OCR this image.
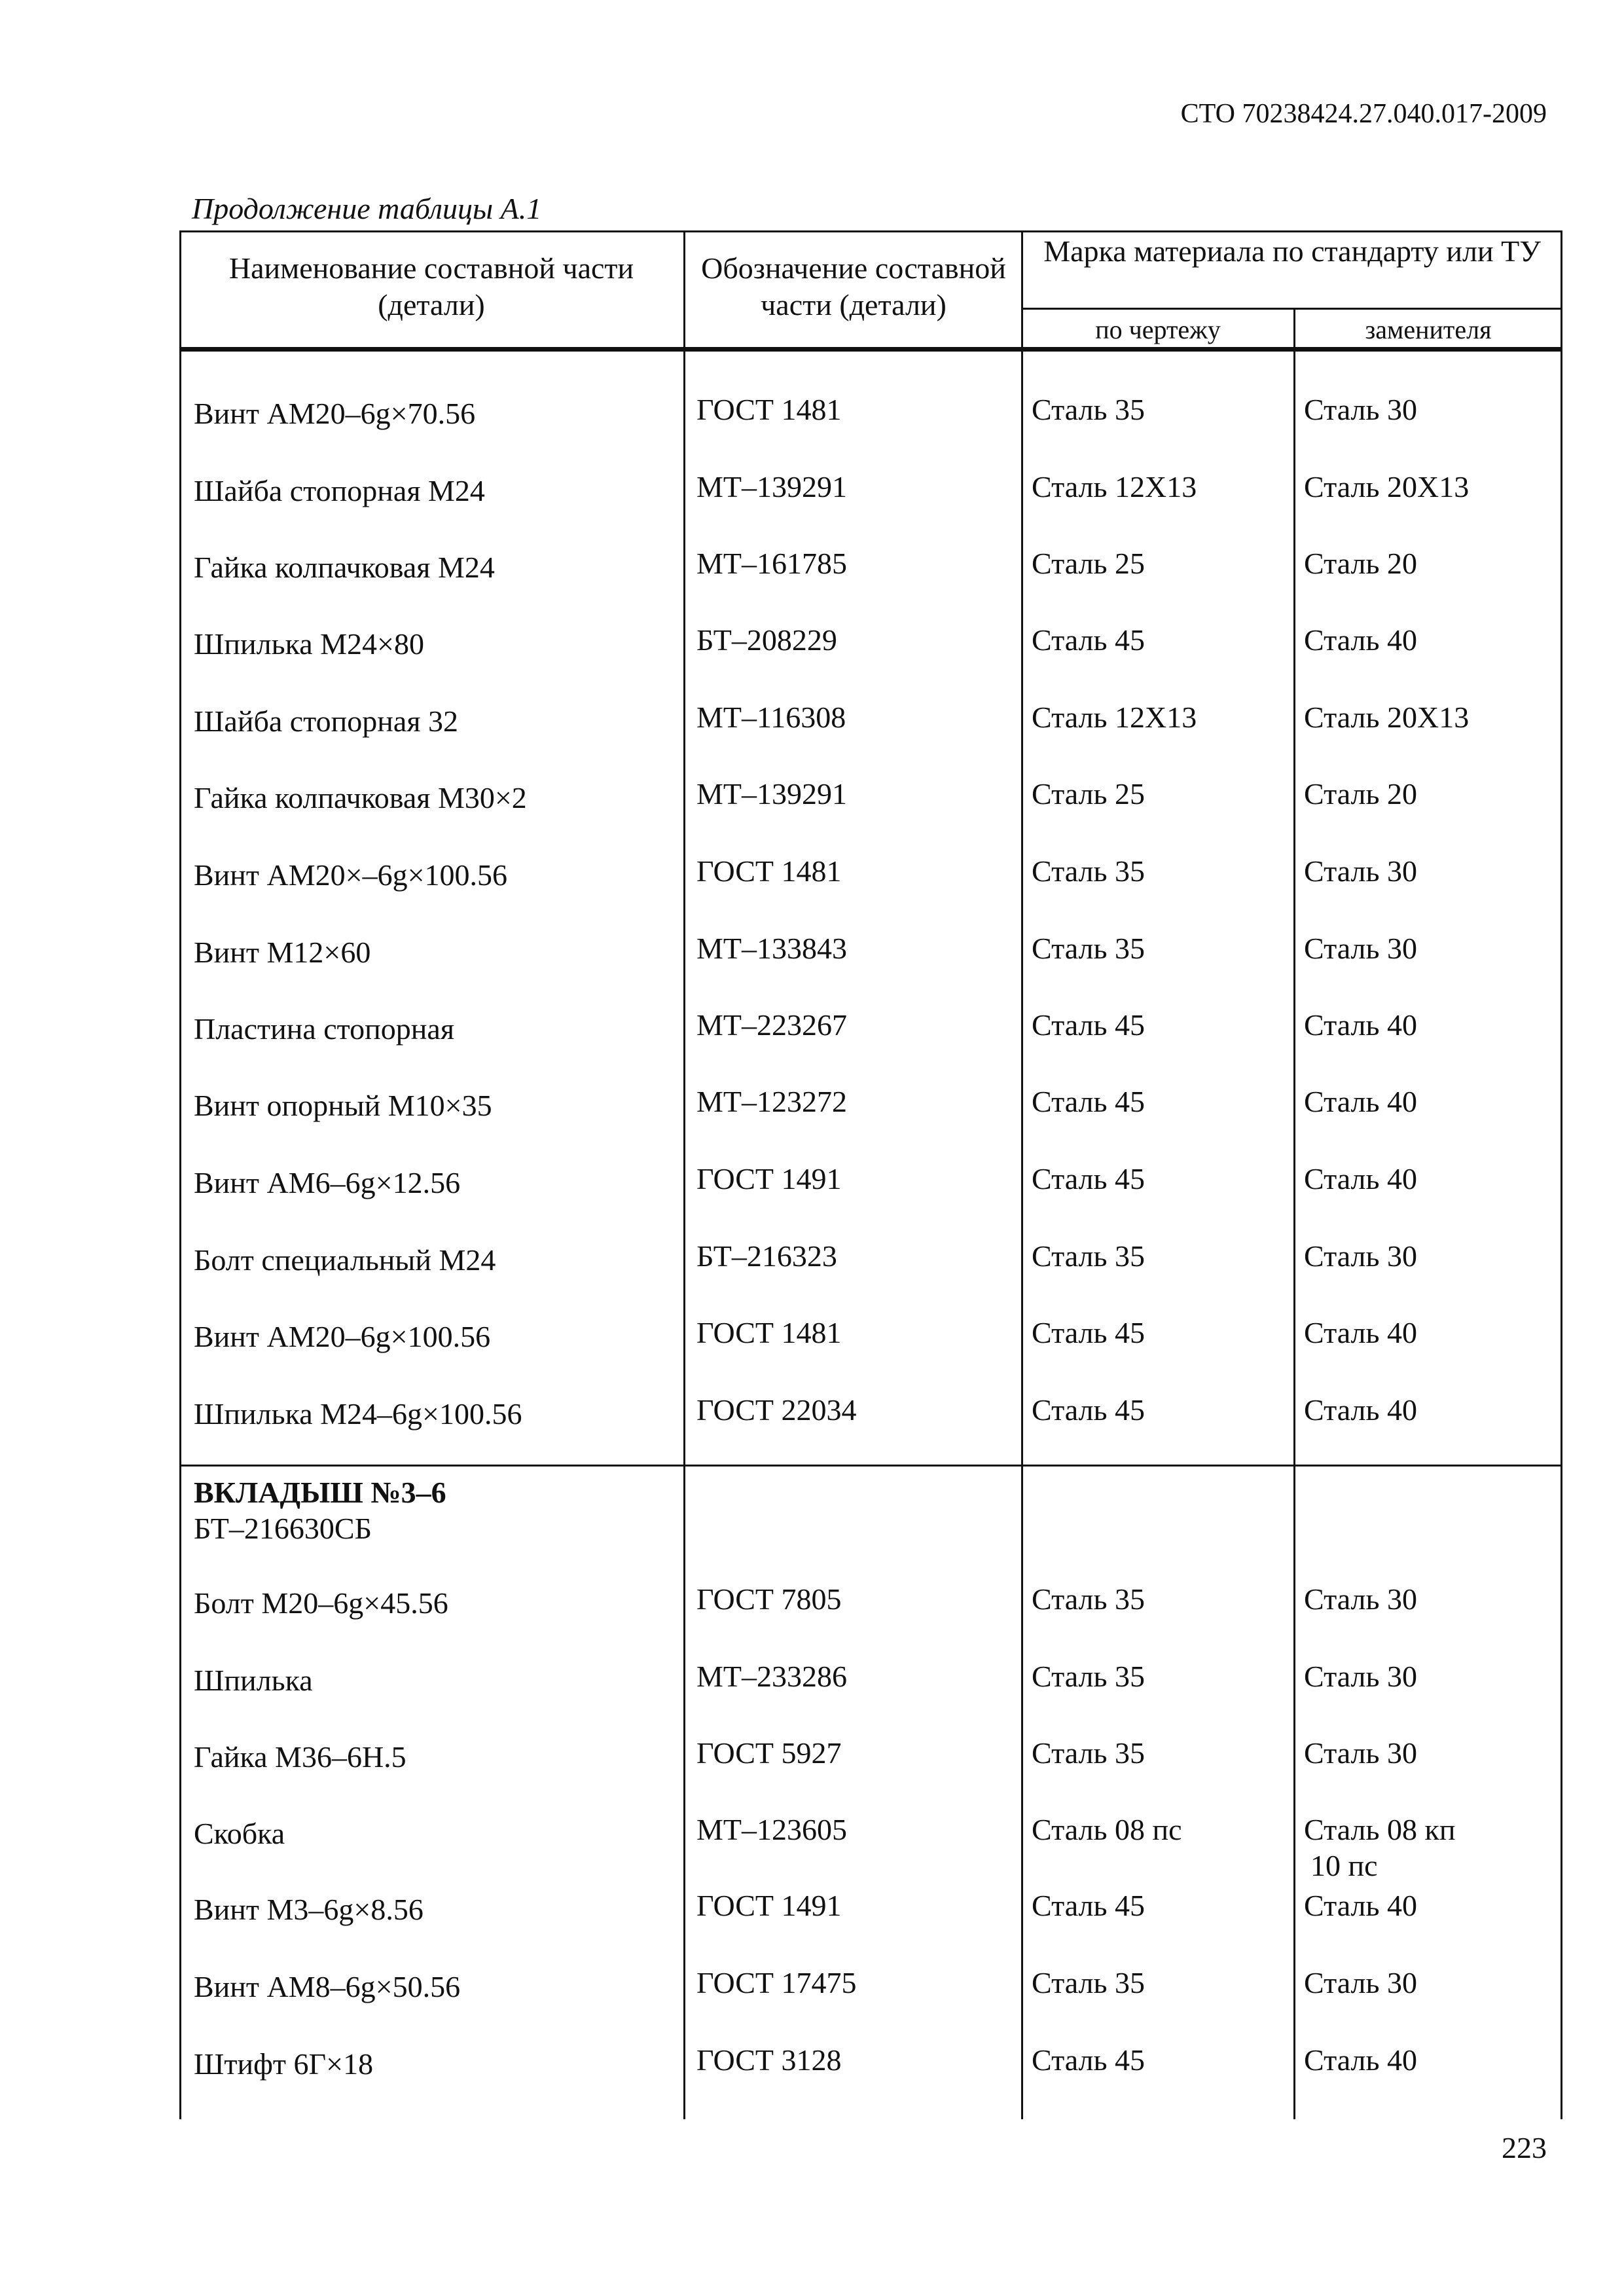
СТО 70238424.27.040.017-2009
Продолжение таблицы А.1
Наименование составной части (детали)
Обозначение составной части (детали)
Марка материала по стандарту или ТУ
по чертежу	заменителя
Винт АМ20–6g×70.56	ГОСТ 1481	Сталь 35	Сталь 30
Шайба стопорная М24	МТ–139291	Сталь 12Х13	Сталь 20Х13
Гайка колпачковая М24	МТ–161785	Сталь 25	Сталь 20
Шпилька М24×80	БТ–208229	Сталь 45	Сталь 40
Шайба стопорная 32	МТ–116308	Сталь 12Х13	Сталь 20Х13
Гайка колпачковая М30×2	МТ–139291	Сталь 25	Сталь 20
Винт АМ20×–6g×100.56	ГОСТ 1481	Сталь 35	Сталь 30
Винт М12×60	МТ–133843	Сталь 35	Сталь 30
Пластина стопорная	МТ–223267	Сталь 45	Сталь 40
Винт опорный М10×35	МТ–123272	Сталь 45	Сталь 40
Винт АМ6–6g×12.56	ГОСТ 1491	Сталь 45	Сталь 40
Болт специальный М24	БТ–216323	Сталь 35	Сталь 30
Винт АМ20–6g×100.56	ГОСТ 1481	Сталь 45	Сталь 40
Шпилька М24–6g×100.56	ГОСТ 22034	Сталь 45	Сталь 40
ВКЛАДЫШ №3–6
БТ–216630СБ
Болт М20–6g×45.56	ГОСТ 7805	Сталь 35	Сталь 30
Шпилька	МТ–233286	Сталь 35	Сталь 30
Гайка М36–6Н.5	ГОСТ 5927	Сталь 35	Сталь 30
Скобка	МТ–123605	Сталь 08 пс	Сталь 08 кп
10 пс
Винт М3–6g×8.56	ГОСТ 1491	Сталь 45	Сталь 40
Винт АМ8–6g×50.56	ГОСТ 17475	Сталь 35	Сталь 30
Штифт 6Г×18	ГОСТ 3128	Сталь 45	Сталь 40
223
